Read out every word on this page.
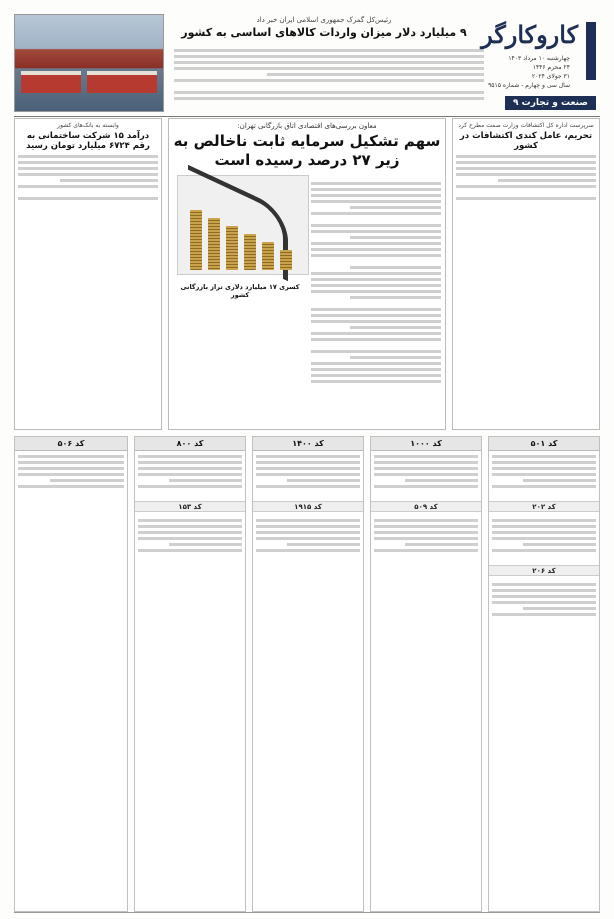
رئیس‌کل گمرک جمهوری اسلامی ایران خبر داد
۹ میلیارد دلار میزان واردات کالاهای اساسی به کشور کاروکارگر
چهارشنبه ۱۰ مرداد ۱۴۰۳
۲۴ محرم ۱۴۴۶
۳۱ جولای ۲۰۲۴
سال سی و چهارم - شماره ۹۵۱۵
صنعت و تجارت ۹
سرپرست اداره کل اکتشافات وزارت صمت مطرح کرد
تحریم، عامل کندی اکتشافات در کشور
معاون بررسی‌های اقتصادی اتاق بازرگانی تهران:
سهم تشکیل سرمایه ثابت ناخالص به زیر ۲۷ درصد رسیده است
کسری ۱۷ میلیارد دلاری تراز بازرگانی کشور
وابسته به بانک‌های کشور
درآمد ۱۵ شرکت ساختمانی به رقم ۶۷۲۴ میلیارد تومان رسید
کد ۵۰۱
کد ۲۰۲
کد ۲۰۶
کد ۱۰۰۰
کد ۵۰۹
کد ۱۴۰۰
کد ۱۹۱۵
کد ۸۰۰
کد ۱۵۳
کد ۵۰۶
